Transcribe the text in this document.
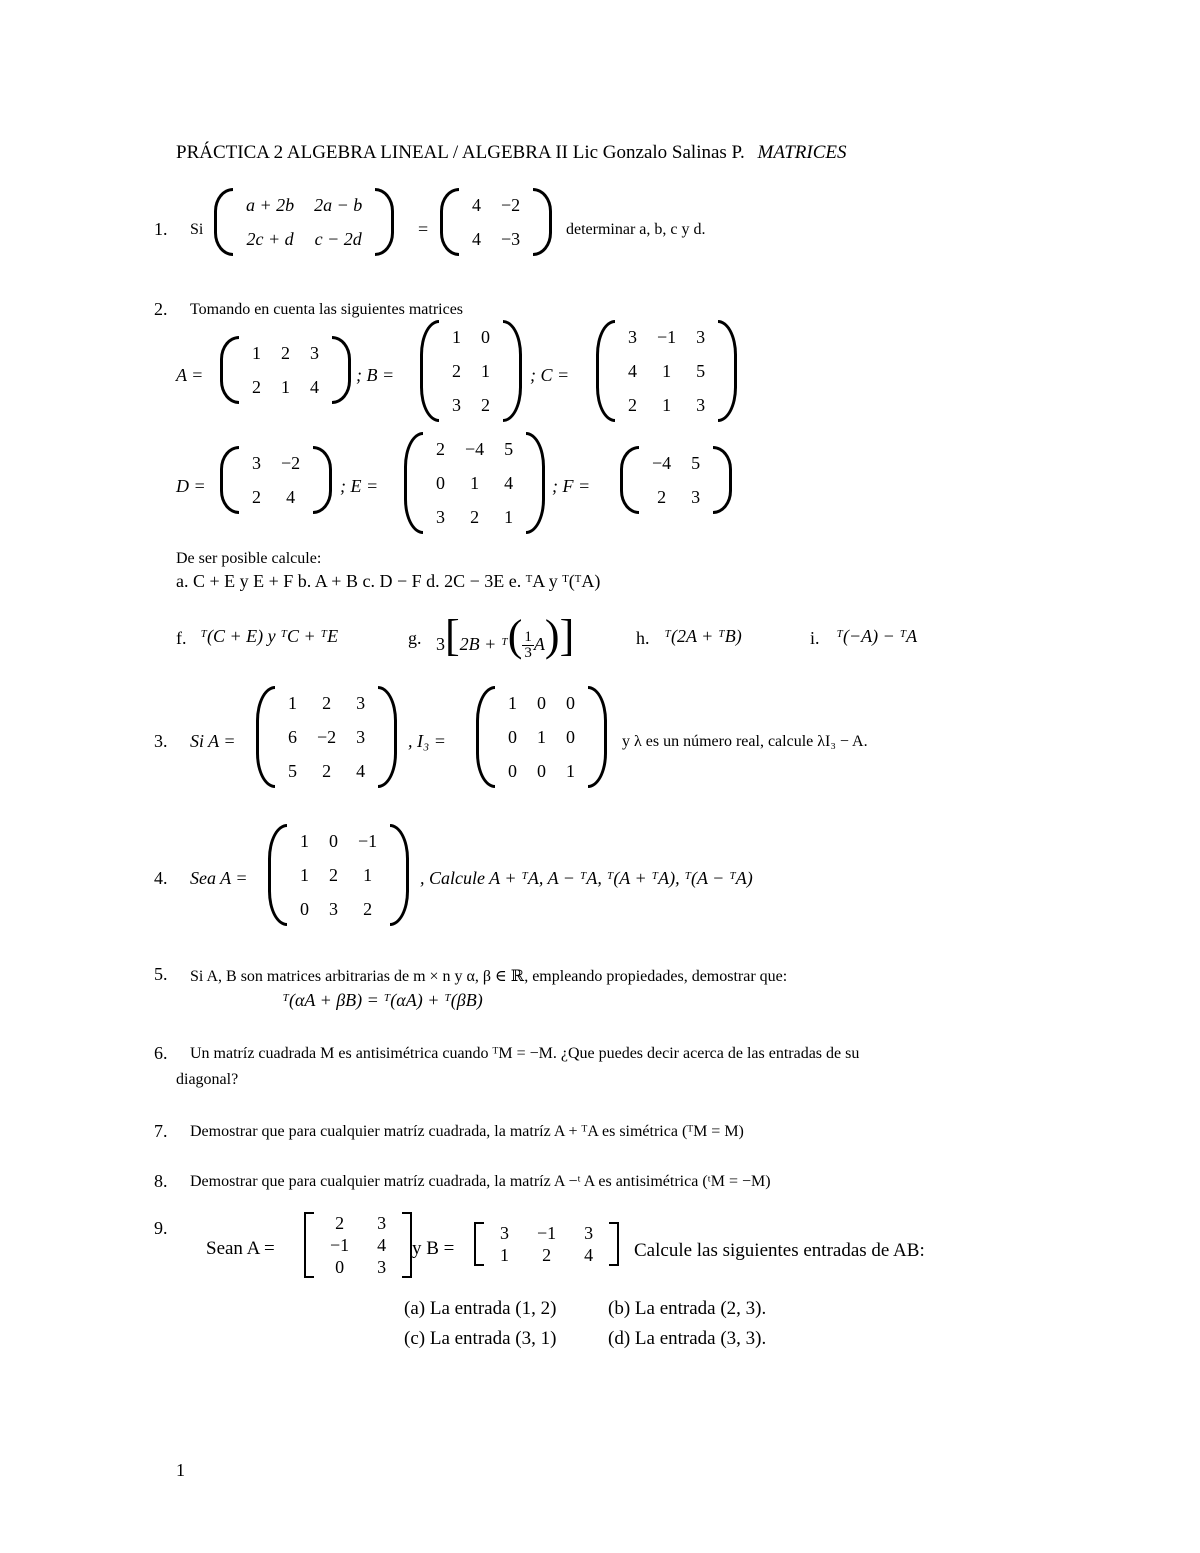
PRÁCTICA 2 ALGEBRA LINEAL / ALGEBRA II Lic Gonzalo Salinas P. MATRICES
1. Si
a + 2b	2a − b
2c + d	c − 2d	=
4	−2
4	−3	determinar a, b, c y d.
2. Tomando en cuenta las siguientes matrices
A =
1	2	3
2	1	4
; B =
1	0
2	1
3	2
; C =
3	−1	3
4	1	5
2	1	3
D =
3	−2
2	4
; E =
2	−4	5
0	1	4
3	2	1
; F =
−4	5
2	3
De ser posible calcule:
a. C + E y E + F b. A + B c. D − F d. 2C − 3E e. ᵀA y ᵀ(ᵀA)
f. ᵀ(C + E) y ᵀC + ᵀE	g. 3[2B + ᵀ( $\frac{1}{3} A$)]	h. ᵀ(2A + ᵀB)	i. ᵀ(−A) − ᵀA
3. Si A =
1	2	3
6	−2	3
5	2	4
, I₃ =
1	0	0
0	1	0
0	0	1
y λ es un número real, calcule λI₃ − A.
4. Sea A =
1	0	−1
1	2	1
0	3	2
, Calcule A + ᵀA, A − ᵀA, ᵀ(A + ᵀA), ᵀ(A − ᵀA)
5. Si A, B son matrices arbitrarias de m × n y α, β ∈ ℝ, empleando propiedades, demostrar que:
ᵀ(αA + βB) = ᵀ(αA) + ᵀ(βB)
6. Un matríz cuadrada M es antisimétrica cuando ᵀM = −M. ¿Que puedes decir acerca de las entradas de su
diagonal?
7. Demostrar que para cualquier matríz cuadrada, la matríz A + ᵀA es simétrica (ᵀM = M)
8. Demostrar que para cualquier matríz cuadrada, la matríz A −ᵗ A es antisimétrica (ᵗM = −M)
9.
Sean A =
2	3
−1	4
0	3
y B =
3	−1	3
1	2	4 Calcule las siguientes entradas de AB:
(a) La entrada (1, 2)	(b) La entrada (2, 3).
(c) La entrada (3, 1)	(d) La entrada (3, 3).
1
